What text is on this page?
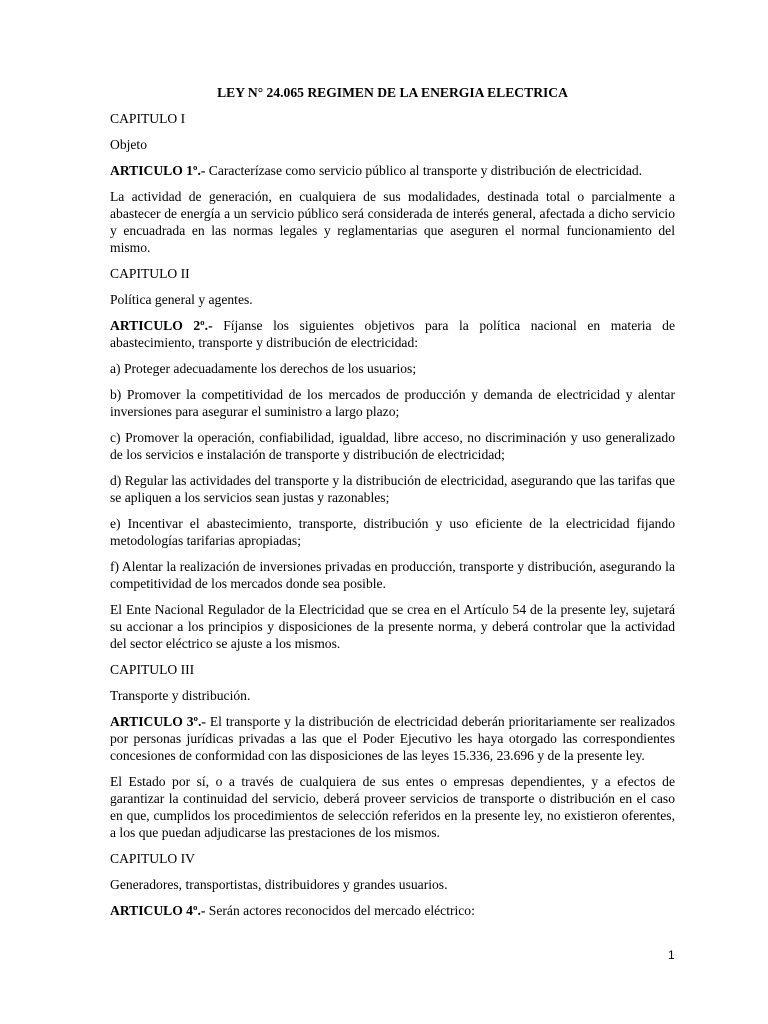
LEY N° 24.065 REGIMEN DE LA ENERGIA ELECTRICA

CAPITULO I

Objeto

ARTICULO 1º.- Caracterízase como servicio público al transporte y distribución de electricidad.

La actividad de generación, en cualquiera de sus modalidades, destinada total o parcialmente a abastecer de energía a un servicio público será considerada de interés general, afectada a dicho servicio y encuadrada en las normas legales y reglamentarias que aseguren el normal funcionamiento del mismo.

CAPITULO II

Política general y agentes.

ARTICULO 2º.- Fíjanse los siguientes objetivos para la política nacional en materia de abastecimiento, transporte y distribución de electricidad:

a) Proteger adecuadamente los derechos de los usuarios;

b) Promover la competitividad de los mercados de producción y demanda de electricidad y alentar inversiones para asegurar el suministro a largo plazo;

c) Promover la operación, confiabilidad, igualdad, libre acceso, no discriminación y uso generalizado de los servicios e instalación de transporte y distribución de electricidad;

d) Regular las actividades del transporte y la distribución de electricidad, asegurando que las tarifas que se apliquen a los servicios sean justas y razonables;

e) Incentivar el abastecimiento, transporte, distribución y uso eficiente de la electricidad fijando metodologías tarifarias apropiadas;

f) Alentar la realización de inversiones privadas en producción, transporte y distribución, asegurando la competitividad de los mercados donde sea posible.

El Ente Nacional Regulador de la Electricidad que se crea en el Artículo 54 de la presente ley, sujetará su accionar a los principios y disposiciones de la presente norma, y deberá controlar que la actividad del sector eléctrico se ajuste a los mismos.

CAPITULO III

Transporte y distribución.

ARTICULO 3º.- El transporte y la distribución de electricidad deberán prioritariamente ser realizados por personas jurídicas privadas a las que el Poder Ejecutivo les haya otorgado las correspondientes concesiones de conformidad con las disposiciones de las leyes 15.336, 23.696 y de la presente ley.

El Estado por sí, o a través de cualquiera de sus entes o empresas dependientes, y a efectos de garantizar la continuidad del servicio, deberá proveer servicios de transporte o distribución en el caso en que, cumplidos los procedimientos de selección referidos en la presente ley, no existieron oferentes, a los que puedan adjudicarse las prestaciones de los mismos.

CAPITULO IV

Generadores, transportistas, distribuidores y grandes usuarios.

ARTICULO 4º.- Serán actores reconocidos del mercado eléctrico:

1
